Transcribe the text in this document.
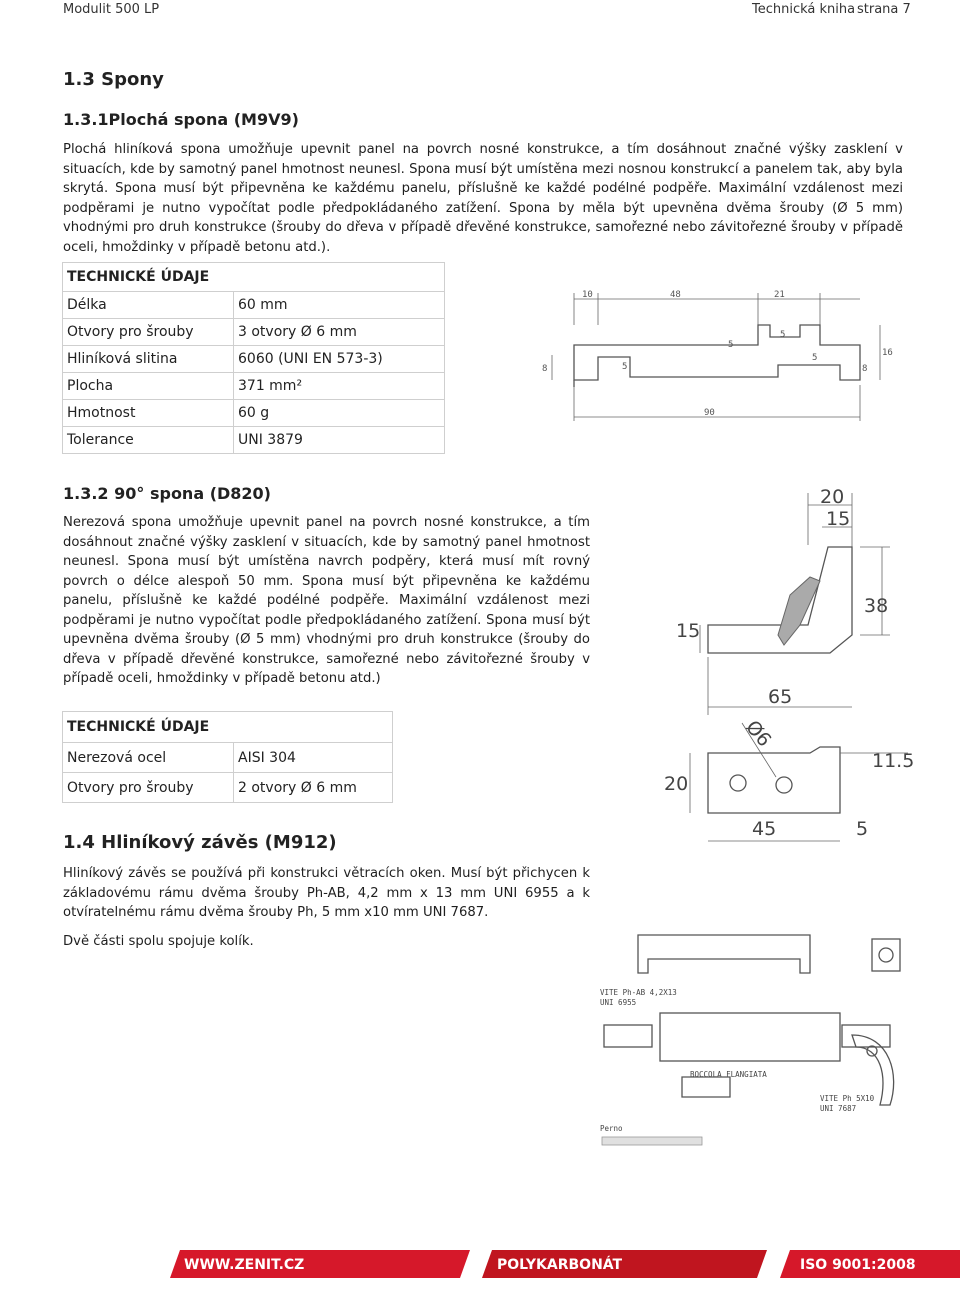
Modulit 500 LP	Technická kniha strana 7
1.3 Spony
1.3.1Plochá spona (M9V9)
Plochá hliníková spona umožňuje upevnit panel na povrch nosné konstrukce, a tím dosáhnout značné výšky zasklení v situacích, kde by samotný panel hmotnost neunesl. Spona musí být umístěna mezi nosnou konstrukcí a panelem tak, aby byla skrytá. Spona musí být připevněna ke každému panelu, příslušně ke každé podélné podpěře. Maximální vzdálenost mezi podpěrami je nutno vypočítat podle předpokládaného zatížení. Spona by měla být upevněna dvěma šrouby (Ø 5 mm) vhodnými pro druh konstrukce (šrouby do dřeva v případě dřevěné konstrukce, samořezné nebo závitořezné šrouby v případě oceli, hmoždinky v případě betonu atd.).
TECHNICKÉ ÚDAJE	
Délka	60 mm
Otvory pro šrouby	3 otvory Ø 6 mm
Hliníková slitina	6060 (UNI EN 573-3)
Plocha	371 mm²
Hmotnost	60 g
Tolerance	UNI 3879
10	48	21
8
16
8
5
5
5
5
90
1.3.2 90° spona (D820)
Nerezová spona umožňuje upevnit panel na povrch nosné konstrukce, a tím dosáhnout značné výšky zasklení v situacích, kde by samotný panel hmotnost neunesl. Spona musí být umístěna navrch podpěry, která musí mít rovný povrch o délce alespoň 50 mm. Spona musí být připevněna ke každému panelu, příslušně ke každé podélné podpěře. Maximální vzdálenost mezi podpěrami je nutno vypočítat podle předpokládaného zatížení. Spona musí být upevněna dvěma šrouby (Ø 5 mm) vhodnými pro druh konstrukce (šrouby do dřeva v případě dřevěné konstrukce, samořezné nebo závitořezné šrouby v případě oceli, hmoždinky v případě betonu atd.)
TECHNICKÉ ÚDAJE	
Nerezová ocel	AISI 304
Otvory pro šrouby	2 otvory Ø 6 mm
20
15
38
15
65
Ø6
11.5
20
45	5
1.4 Hliníkový závěs (M912)
Hliníkový závěs se používá při konstrukci větracích oken. Musí být přichycen k základovému rámu dvěma šrouby Ph-AB, 4,2 mm x 13 mm UNI 6955 a k otvíratelnému rámu dvěma šrouby Ph, 5 mm x10 mm UNI 7687.
Dvě části spolu spojuje kolík.
VITE Ph-AB 4,2X13
UNI 6955
BOCCOLA FLANGIATA
VITE Ph 5X10
UNI 7687
Perno
WWW.ZENIT.CZ	POLYKARBONÁT	ISO 9001:2008
